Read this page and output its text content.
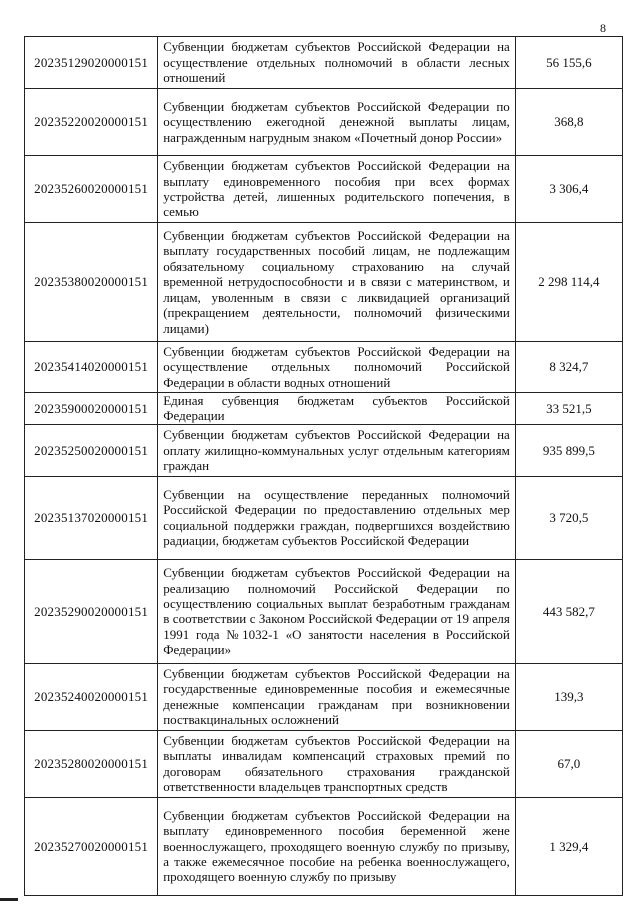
8
20235129020000151	Субвенции бюджетам субъектов Российской Федерации на осуществление отдельных полномочий в области лесных отношений	56 155,6
20235220020000151	Субвенции бюджетам субъектов Российской Федерации по осуществлению ежегодной денежной выплаты лицам, награжденным нагрудным знаком «Почетный донор России»	368,8
20235260020000151	Субвенции бюджетам субъектов Российской Федерации на выплату единовременного пособия при всех формах устройства детей, лишенных родительского попечения, в семью	3 306,4
20235380020000151	Субвенции бюджетам субъектов Российской Федерации на выплату государственных пособий лицам, не подлежащим обязательному социальному страхованию на случай временной нетрудоспособности и в связи с материнством, и лицам, уволенным в связи с ликвидацией организаций (прекращением деятельности, полномочий физическими лицами)	2 298 114,4
20235414020000151	Субвенции бюджетам субъектов Российской Федерации на осуществление отдельных полномочий Российской Федерации в области водных отношений	8 324,7
20235900020000151	Единая субвенция бюджетам субъектов Российской Федерации	33 521,5
20235250020000151	Субвенции бюджетам субъектов Российской Федерации на оплату жилищно-коммунальных услуг отдельным категориям граждан	935 899,5
20235137020000151	Субвенции на осуществление переданных полномочий Российской Федерации по предоставлению отдельных мер социальной поддержки граждан, подвергшихся воздействию радиации, бюджетам субъектов Российской Федерации	3 720,5
20235290020000151	Субвенции бюджетам субъектов Российской Федерации на реализацию полномочий Российской Федерации по осуществлению социальных выплат безработным гражданам в соответствии с Законом Российской Федерации от 19 апреля 1991 года №1032-1 «О занятости населения в Российской Федерации»	443 582,7
20235240020000151	Субвенции бюджетам субъектов Российской Федерации на государственные единовременные пособия и ежемесячные денежные компенсации гражданам при возникновении поствакцинальных осложнений	139,3
20235280020000151	Субвенции бюджетам субъектов Российской Федерации на выплаты инвалидам компенсаций страховых премий по договорам обязательного страхования гражданской ответственности владельцев транспортных средств	67,0
20235270020000151	Субвенции бюджетам субъектов Российской Федерации на выплату единовременного пособия беременной жене военнослужащего, проходящего военную службу по призыву, а также ежемесячное пособие на ребенка военнослужащего, проходящего военную службу по призыву	1 329,4
